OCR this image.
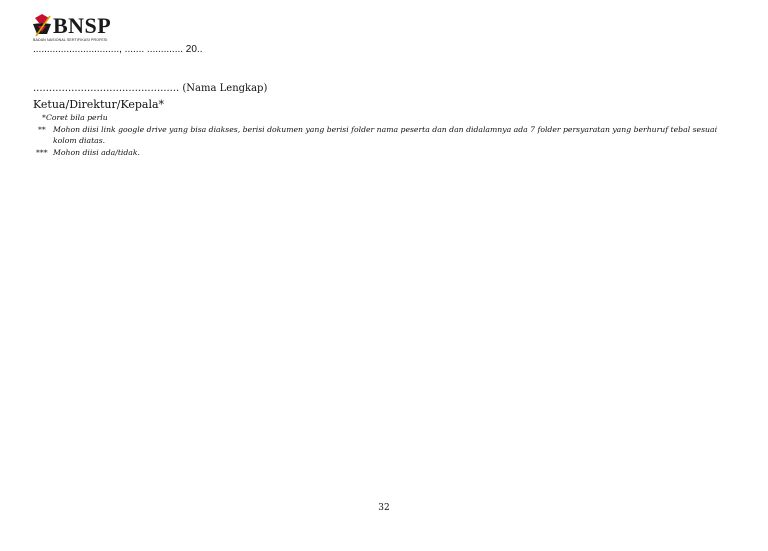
BNSP
BADAN NASIONAL SERTIFIKASI PROFESI
..............................., ....... ............. 20..
.............................................. (Nama Lengkap)
Ketua/Direktur/Kepala*
* Coret bila perlu
** Mohon diisi link google drive yang bisa diakses, berisi dokumen yang berisi folder nama peserta dan dan didalamnya ada 7 folder persyaratan yang berhuruf tebal sesuai kolom diatas.
*** Mohon diisi ada/tidak.
32
